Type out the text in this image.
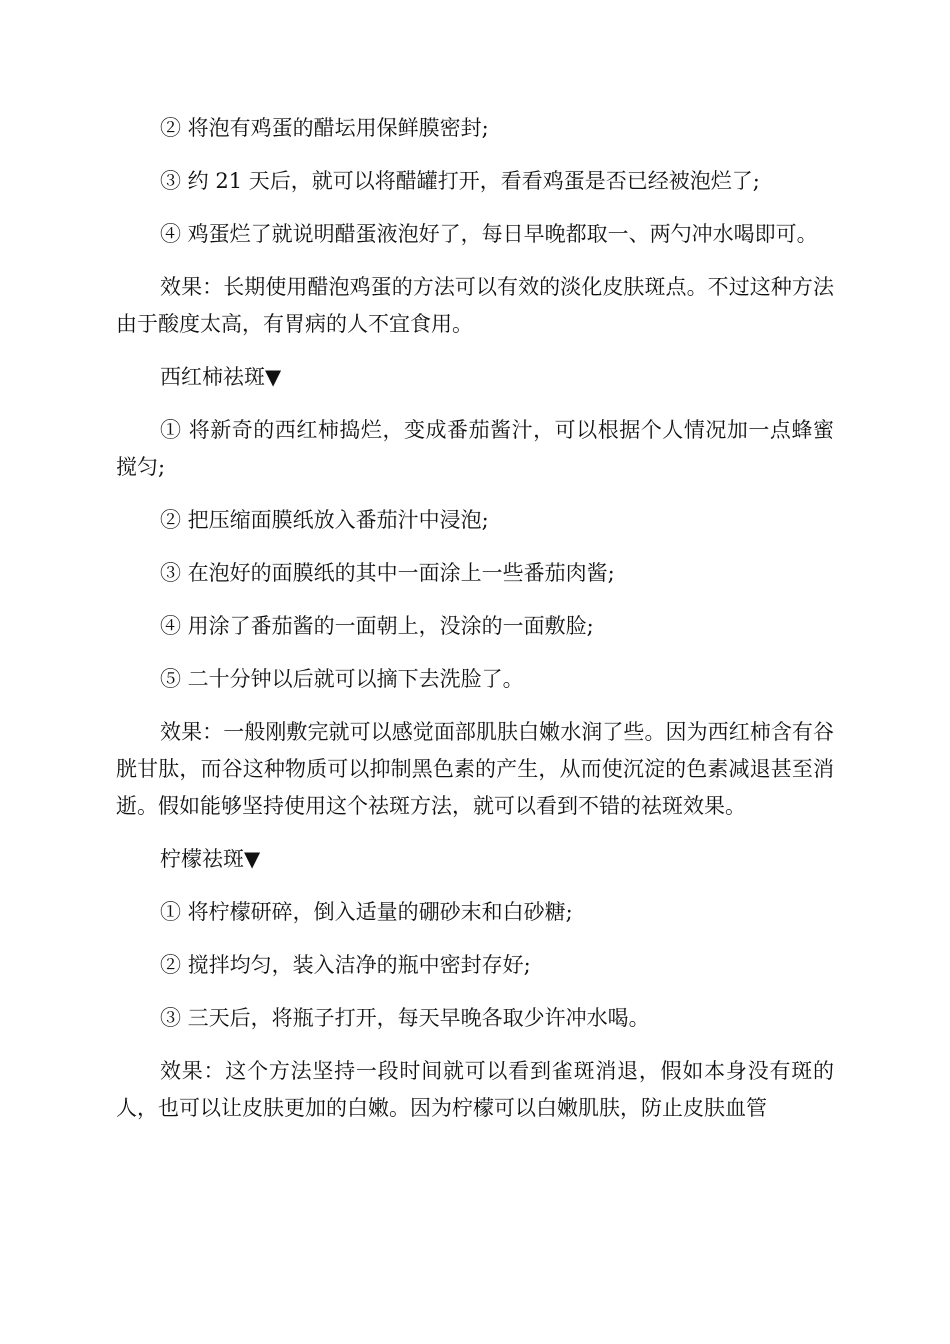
② 将泡有鸡蛋的醋坛用保鲜膜密封;

③ 约 21 天后，就可以将醋罐打开，看看鸡蛋是否已经被泡烂了;

④ 鸡蛋烂了就说明醋蛋液泡好了，每日早晚都取一、两勺冲水喝即可。

效果：长期使用醋泡鸡蛋的方法可以有效的淡化皮肤斑点。不过这种方法由于酸度太高，有胃病的人不宜食用。

西红柿祛斑▼

① 将新奇的西红柿捣烂，变成番茄酱汁，可以根据个人情况加一点蜂蜜搅匀;

② 把压缩面膜纸放入番茄汁中浸泡;

③ 在泡好的面膜纸的其中一面涂上一些番茄肉酱;

④ 用涂了番茄酱的一面朝上，没涂的一面敷脸;

⑤ 二十分钟以后就可以摘下去洗脸了。

效果：一般刚敷完就可以感觉面部肌肤白嫩水润了些。因为西红柿含有谷胱甘肽，而谷这种物质可以抑制黑色素的产生，从而使沉淀的色素减退甚至消逝。假如能够坚持使用这个祛斑方法，就可以看到不错的祛斑效果。

柠檬祛斑▼

① 将柠檬研碎，倒入适量的硼砂末和白砂糖;

② 搅拌均匀，装入洁净的瓶中密封存好;

③ 三天后，将瓶子打开，每天早晚各取少许冲水喝。

效果：这个方法坚持一段时间就可以看到雀斑消退，假如本身没有斑的人，也可以让皮肤更加的白嫩。因为柠檬可以白嫩肌肤，防止皮肤血管
